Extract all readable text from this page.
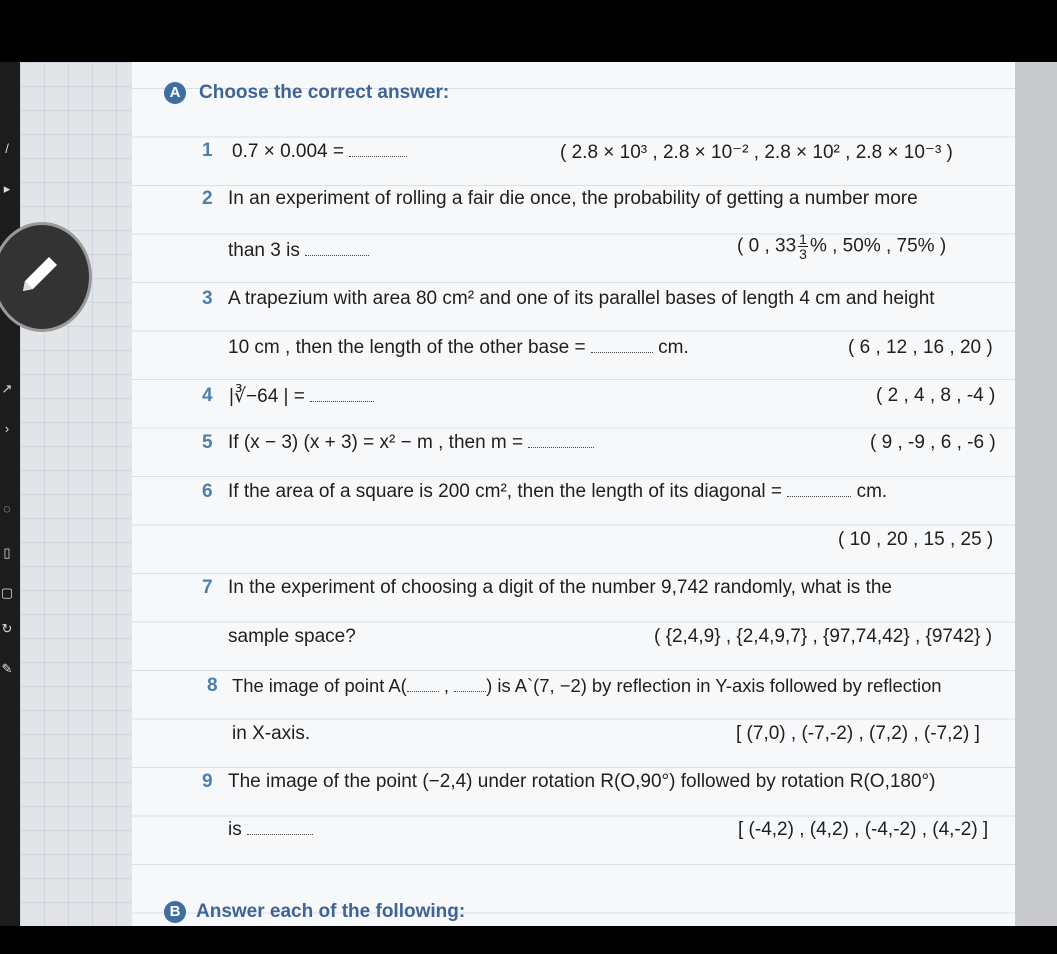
/
▸
↗
›
◌
▯
▢
↻
✎
A Choose the correct answer:
1 0.7 × 0.004 =	( 2.8 × 10³ , 2.8 × 10⁻² , 2.8 × 10² , 2.8 × 10⁻³ )
2 In an experiment of rolling a fair die once, the probability of getting a number more
than 3 is	( 0 , $33 \frac{1}{3}$ % , 50% , 75% )
3 A trapezium with area 80 cm² and one of its parallel bases of length 4 cm and height
10 cm , then the length of the other base =	cm.	( 6 , 12 , 16 , 20 )
4 |∛−64 | =	( 2 , 4 , 8 , -4 )
5 If (x − 3) (x + 3) = x² − m , then m =	( 9 , -9 , 6 , -6 )
6 If the area of a square is 200 cm², then the length of its diagonal =	cm.
( 10 , 20 , 15 , 25 )
7 In the experiment of choosing a digit of the number 9,742 randomly, what is the
sample space?	( {2,4,9} , {2,4,9,7} , {97,74,42} , {9742} )
8 The image of point A( , ) is A`(7, −2) by reflection in Y-axis followed by reflection
in X-axis.	[ (7,0) , (-7,-2) , (7,2) , (-7,2) ]
9 The image of the point (−2,4) under rotation R(O,90°) followed by rotation R(O,180°)
is	[ (-4,2) , (4,2) , (-4,-2) , (4,-2) ]
B Answer each of the following:
